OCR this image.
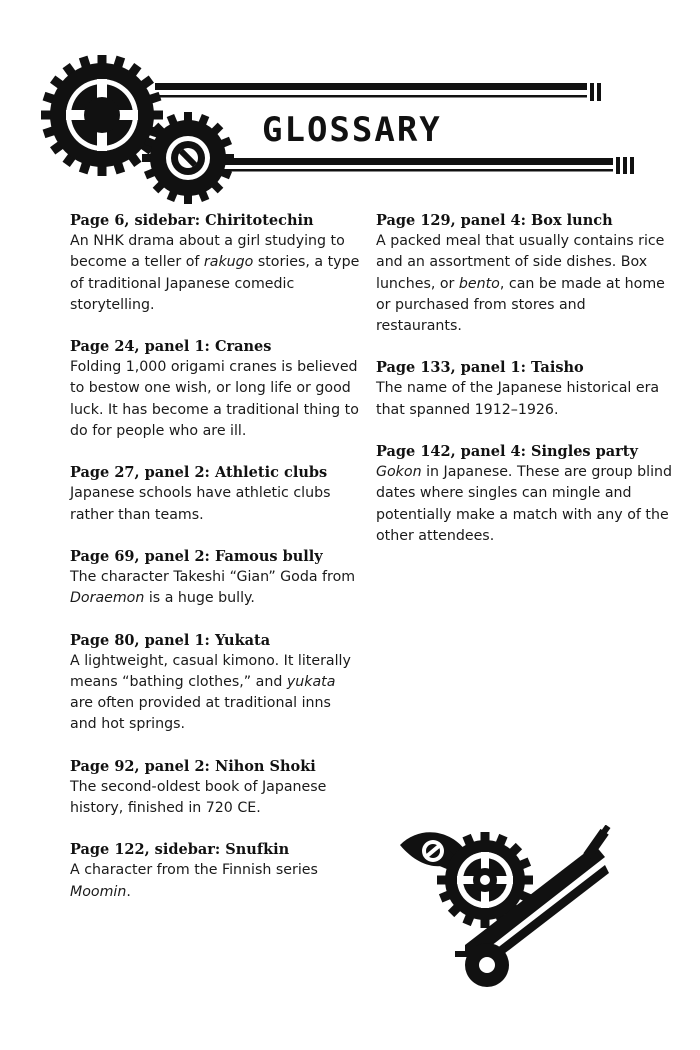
GLOSSARY
Page 6, sidebar: Chiritotechin
An NHK drama about a girl studying to become a teller of rakugo stories, a type of traditional Japanese comedic storytelling.
Page 24, panel 1: Cranes
Folding 1,000 origami cranes is believed to bestow one wish, or long life or good luck. It has become a traditional thing to do for people who are ill.
Page 27, panel 2: Athletic clubs
Japanese schools have athletic clubs rather than teams.
Page 69, panel 2: Famous bully
The character Takeshi “Gian” Goda from Doraemon is a huge bully.
Page 80, panel 1: Yukata
A lightweight, casual kimono. It literally means “bathing clothes,” and yukata are often provided at traditional inns and hot springs.
Page 92, panel 2: Nihon Shoki
The second-oldest book of Japanese history, finished in 720 CE.
Page 122, sidebar: Snufkin
A character from the Finnish series Moomin.
Page 129, panel 4: Box lunch
A packed meal that usually contains rice and an assortment of side dishes. Box lunches, or bento, can be made at home or purchased from stores and restaurants.
Page 133, panel 1: Taisho
The name of the Japanese historical era that spanned 1912–1926.
Page 142, panel 4: Singles party
Gokon in Japanese. These are group blind dates where singles can mingle and potentially make a match with any of the other attendees.
